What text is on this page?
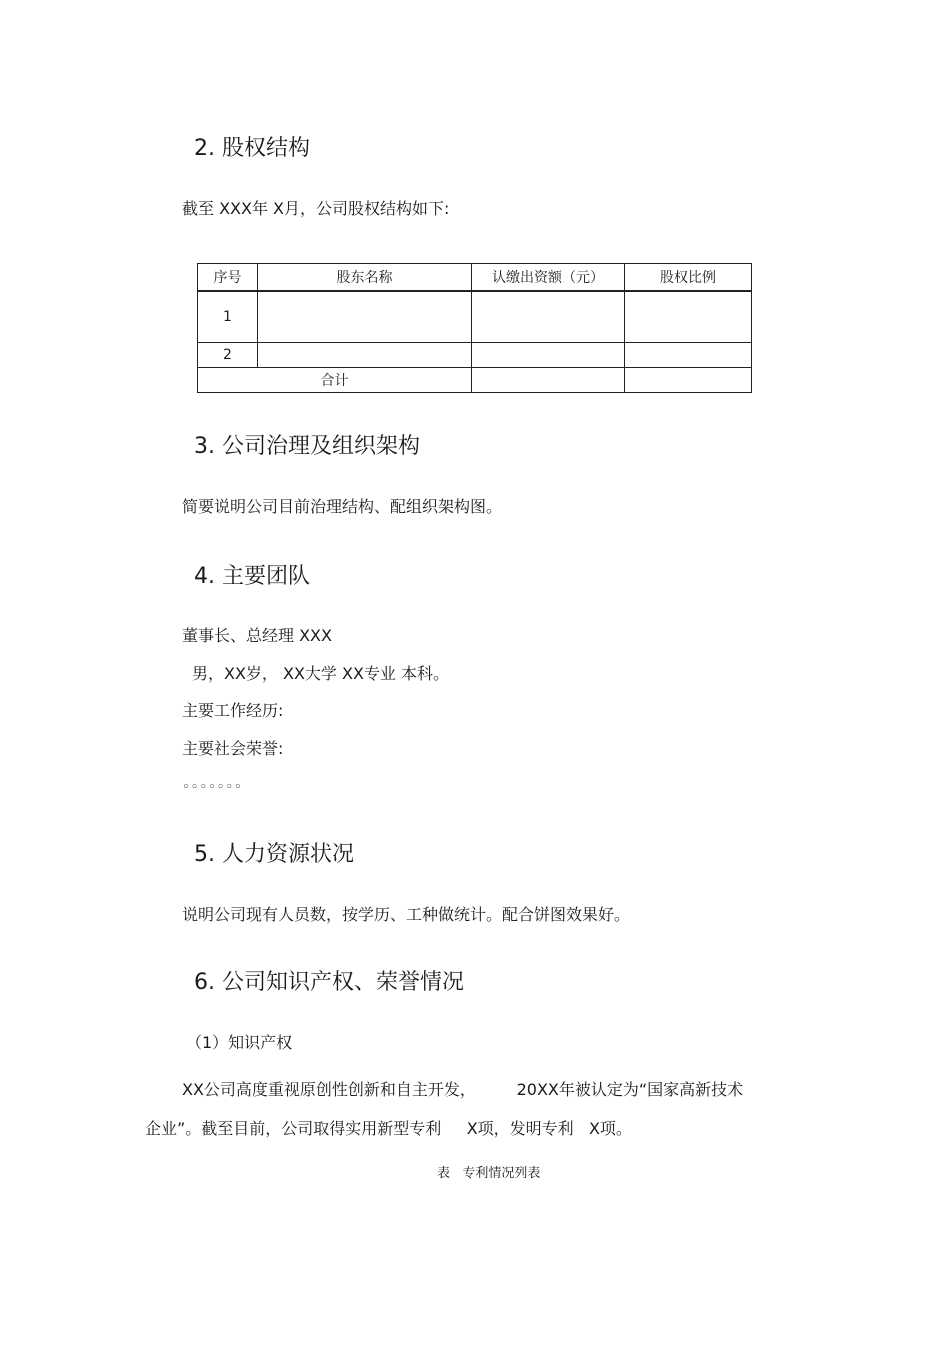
2. 股权结构
截至 XXX年 X月，公司股权结构如下:
序号	股东名称	认缴出资额（元）	股权比例
1			
2			
合计			
3. 公司治理及组织架构
简要说明公司目前治理结构、配组织架构图。
4. 主要团队
董事长、总经理 XXX
男，XX岁， XX大学 XX专业 本科。
主要工作经历:
主要社会荣誉:
◦◦◦◦◦◦◦
5. 人力资源状况
说明公司现有人员数，按学历、工种做统计。配合饼图效果好。
6. 公司知识产权、荣誉情况
（1）知识产权
XX公司高度重视原创性创新和自主开发，        20XX年被认定为“国家高新技术
企业”。截至目前，公司取得实用新型专利     X项，发明专利   X项。
表   专利情况列表
